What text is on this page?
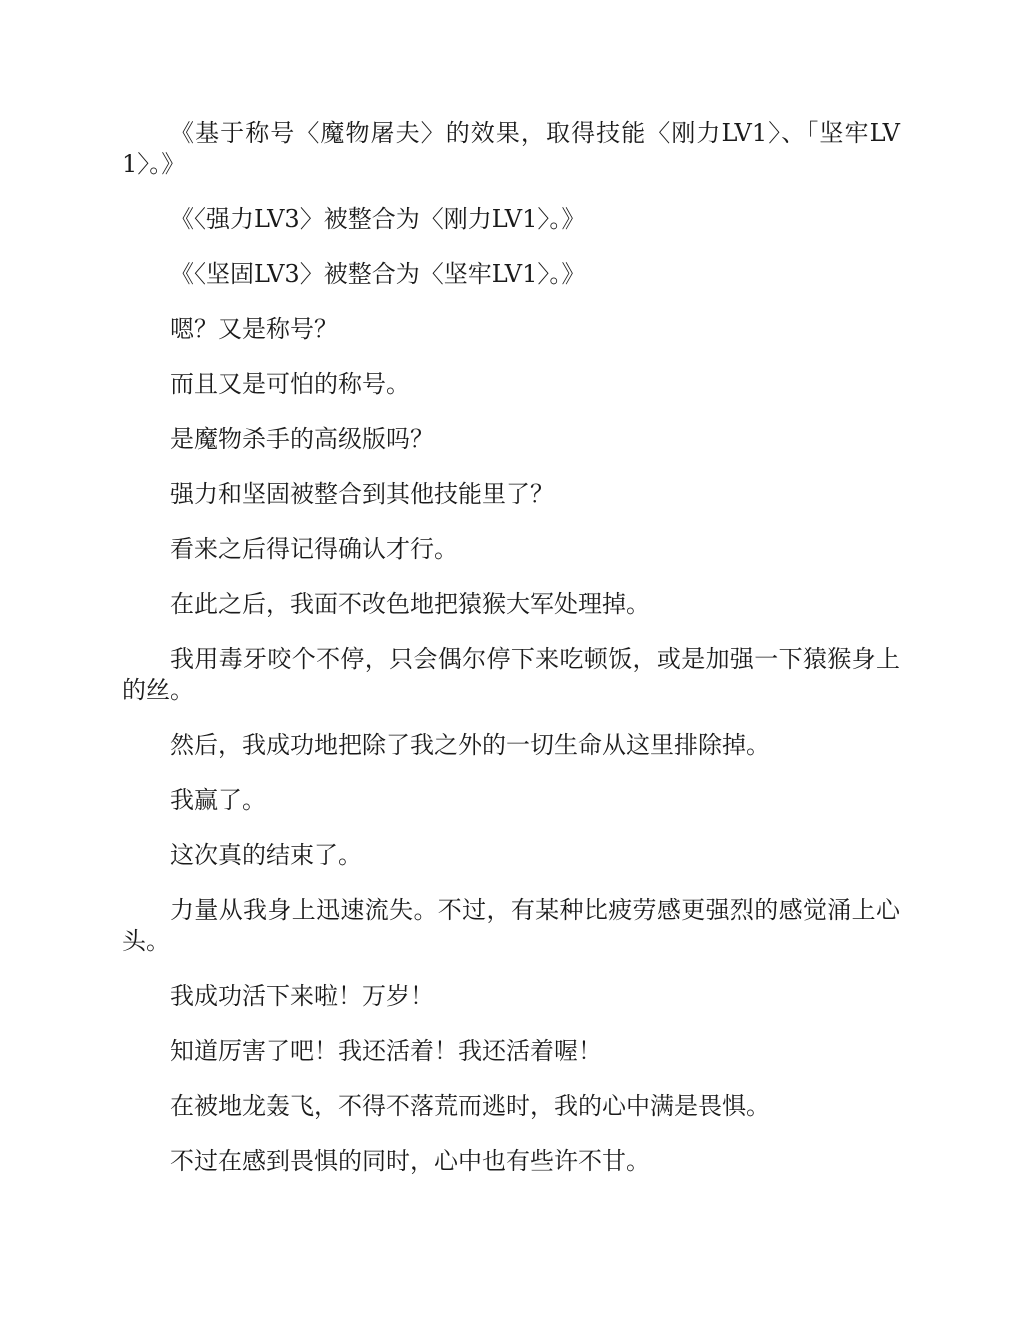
《基于称号〈魔物屠夫〉的效果，取得技能〈刚力LV1〉、「坚牢LV1〉。》

《〈强力LV3〉被整合为〈刚力LV1〉。》

《〈坚固LV3〉被整合为〈坚牢LV1〉。》

嗯？又是称号？

而且又是可怕的称号。

是魔物杀手的高级版吗？

强力和坚固被整合到其他技能里了？

看来之后得记得确认才行。

在此之后，我面不改色地把猿猴大军处理掉。

我用毒牙咬个不停，只会偶尔停下来吃顿饭，或是加强一下猿猴身上的丝。

然后，我成功地把除了我之外的一切生命从这里排除掉。

我赢了。

这次真的结束了。

力量从我身上迅速流失。不过，有某种比疲劳感更强烈的感觉涌上心头。

我成功活下来啦！万岁！

知道厉害了吧！我还活着！我还活着喔！

在被地龙轰飞，不得不落荒而逃时，我的心中满是畏惧。

不过在感到畏惧的同时，心中也有些许不甘。
